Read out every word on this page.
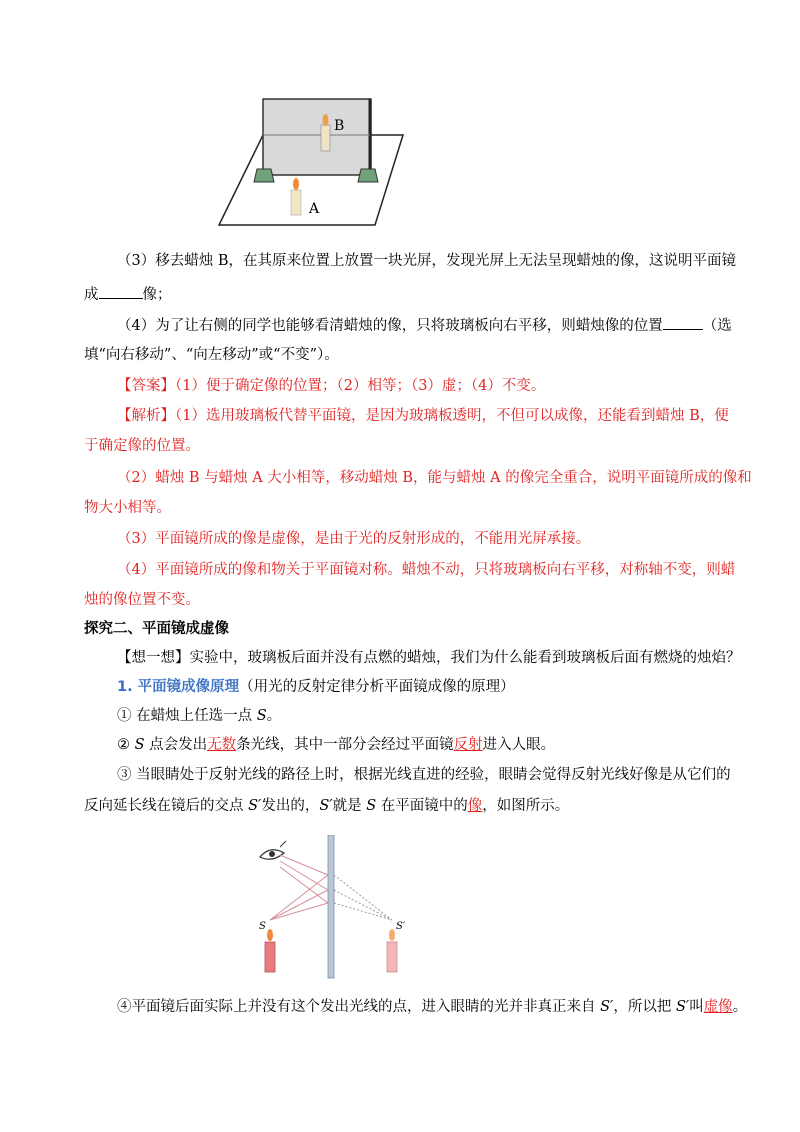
B
A
（3）移去蜡烛 B，在其原来位置上放置一块光屏，发现光屏上无法呈现蜡烛的像，这说明平面镜
成	像；
（4）为了让右侧的同学也能够看清蜡烛的像，只将玻璃板向右平移，则蜡烛像的位置	（选
填“向右移动”、“向左移动”或“不变”）。
【答案】（1）便于确定像的位置；（2）相等；（3）虚；（4）不变。
【解析】（1）选用玻璃板代替平面镜，是因为玻璃板透明，不但可以成像，还能看到蜡烛 B，便
于确定像的位置。
（2）蜡烛 B 与蜡烛 A 大小相等，移动蜡烛 B，能与蜡烛 A 的像完全重合，说明平面镜所成的像和
物大小相等。
（3）平面镜所成的像是虚像，是由于光的反射形成的，不能用光屏承接。
（4）平面镜所成的像和物关于平面镜对称。蜡烛不动，只将玻璃板向右平移，对称轴不变，则蜡
烛的像位置不变。
探究二、平面镜成虚像
【想一想】实验中，玻璃板后面并没有点燃的蜡烛，我们为什么能看到玻璃板后面有燃烧的烛焰？
1. 平面镜成像原理（用光的反射定律分析平面镜成像的原理）
① 在蜡烛上任选一点 S。
② S 点会发出无数条光线，其中一部分会经过平面镜反射进入人眼。
③ 当眼睛处于反射光线的路径上时，根据光线直进的经验，眼睛会觉得反射光线好像是从它们的
反向延长线在镜后的交点 S′发出的，S′就是 S 在平面镜中的像，如图所示。
S	S′
④平面镜后面实际上并没有这个发出光线的点，进入眼睛的光并非真正来自 S′，所以把 S′叫虚像。
